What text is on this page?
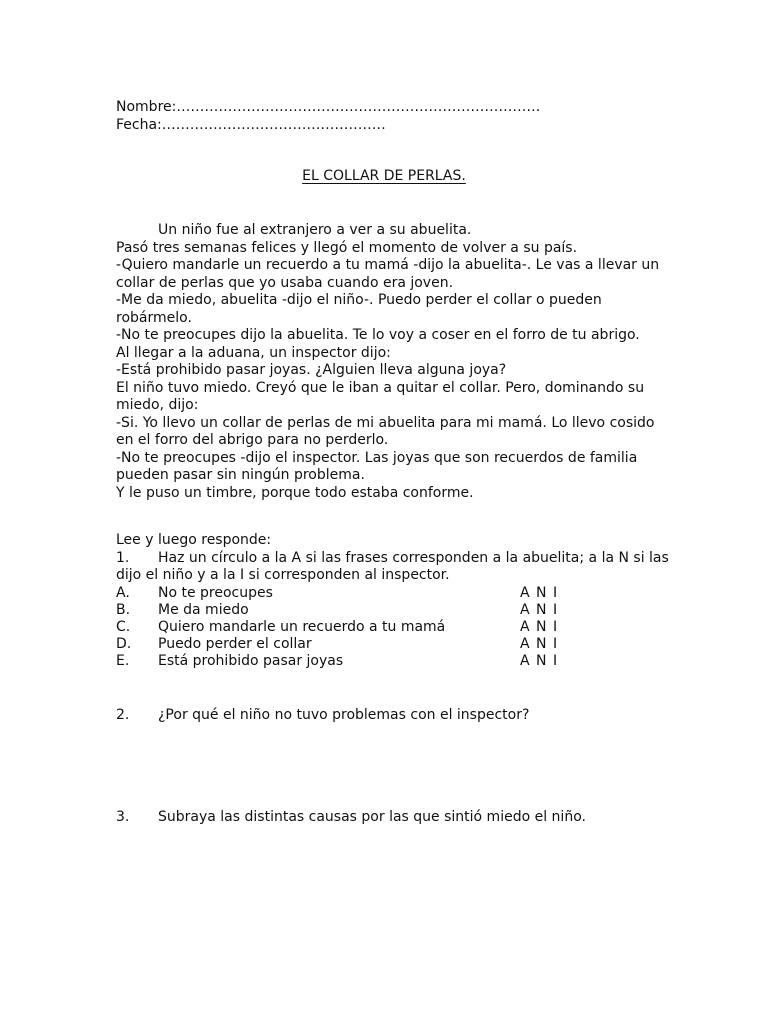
Nombre:……………………………………………………………………
Fecha:…………………………………………
EL COLLAR DE PERLAS.

Un niño fue al extranjero a ver a su abuelita.

Pasó tres semanas felices y llegó el momento de volver a su país.

-Quiero mandarle un recuerdo a tu mamá -dijo la abuelita-. Le vas a llevar un collar de perlas que yo usaba cuando era joven.

-Me da miedo, abuelita -dijo el niño-. Puedo perder el collar o pueden robármelo.

-No te preocupes dijo la abuelita. Te lo voy a coser en el forro de tu abrigo.

Al llegar a la aduana, un inspector dijo:

-Está prohibido pasar joyas. ¿Alguien lleva alguna joya?

El niño tuvo miedo. Creyó que le iban a quitar el collar. Pero, dominando su miedo, dijo:

-Si. Yo llevo un collar de perlas de mi abuelita para mi mamá. Lo llevo cosido en el forro del abrigo para no perderlo.

-No te preocupes -dijo el inspector. Las joyas que son recuerdos de familia pueden pasar sin ningún problema.

Y le puso un timbre, porque todo estaba conforme.

Lee y luego responde:

1. Haz un círculo a la A si las frases corresponden a la abuelita; a la N si las dijo el niño y a la I si corresponden al inspector.

A.	No te preocupes	A N I
B.	Me da miedo	A N I
C.	Quiero mandarle un recuerdo a tu mamá	A N I
D.	Puedo perder el collar	A N I
E.	Está prohibido pasar joyas	A N I
2. ¿Por qué el niño no tuvo problemas con el inspector?
3. Subraya las distintas causas por las que sintió miedo el niño.
